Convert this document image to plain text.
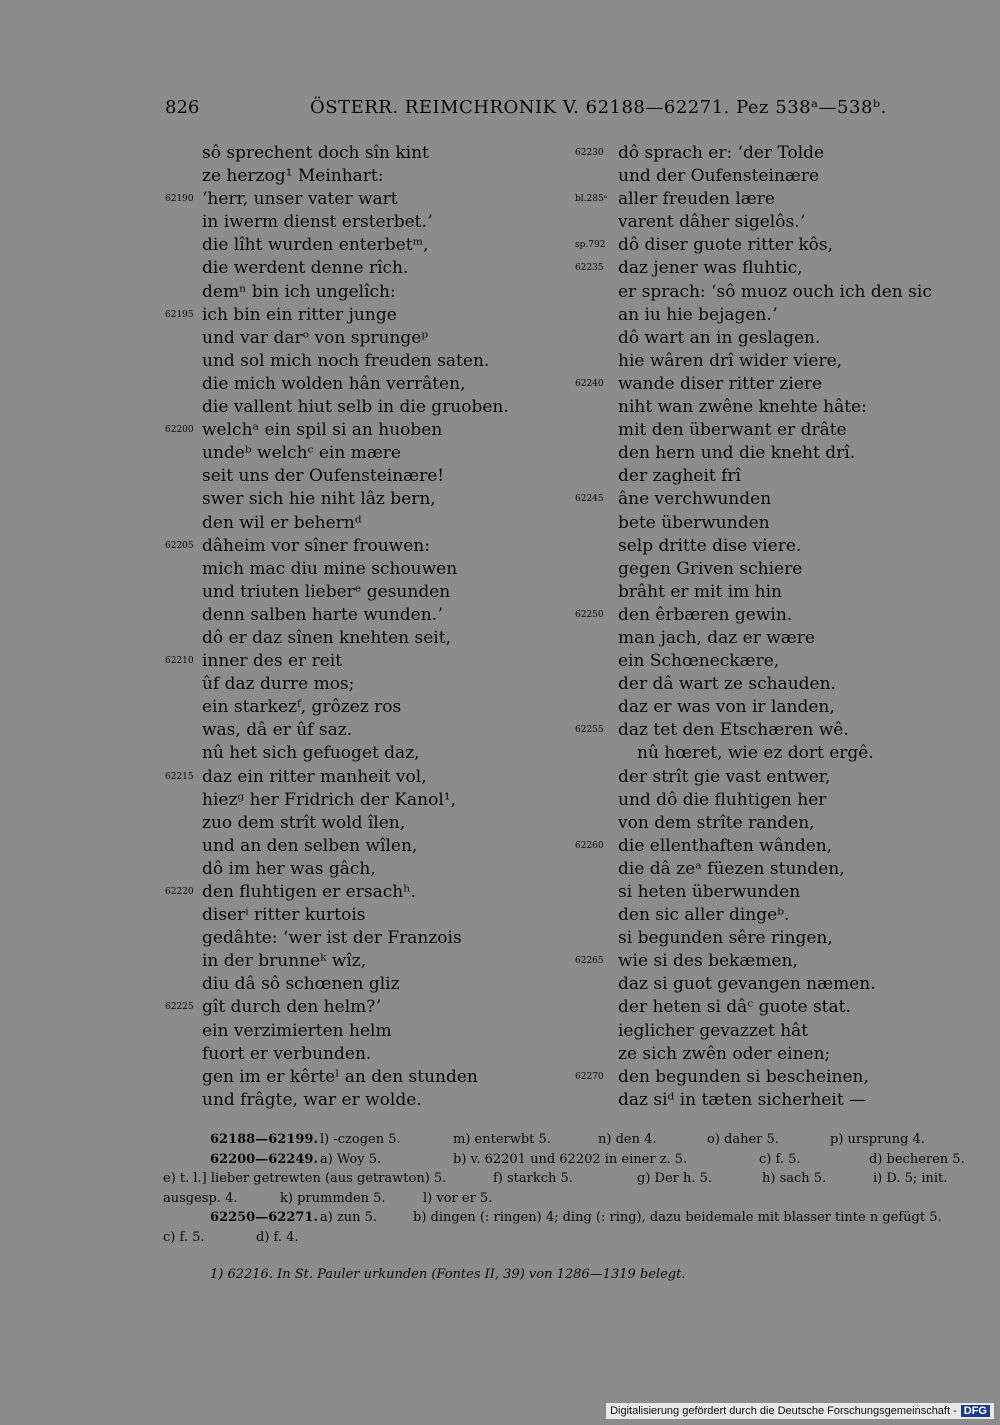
826	ÖSTERR. REIMCHRONIK V. 62188—62271. Pez 538ᵃ—538ᵇ.
sô sprechent doch sîn kint
ze herzog¹ Meinhart:
62190 ʻherr, unser vater wart
in iwerm dienst ersterbet.ʼ
die lîht wurden enterbetᵐ,
die werdent denne rîch.
demⁿ bin ich ungelîch:
62195 ich bin ein ritter junge
und var darᵒ von sprungeᵖ
und sol mich noch freuden saten.
die mich wolden hân verrâten,
die vallent hiut selb in die gruoben.
62200 welchᵃ ein spil si an huoben
undeᵇ welchᶜ ein mære
seit uns der Oufensteinære!
swer sich hie niht lâz bern,
den wil er behernᵈ
62205 dâheim vor sîner frouwen:
mich mac diu mine schouwen
und triuten lieberᵉ gesunden
denn salben harte wunden.ʼ
dô er daz sînen knehten seit,
62210 inner des er reit
ûf daz durre mos;
ein starkezᶠ, grôzez ros
was, dâ er ûf saz.
nû het sich gefuoget daz,
62215 daz ein ritter manheit vol,
hiezᵍ her Fridrich der Kanol¹,
zuo dem strît wold îlen,
und an den selben wîlen,
dô im her was gâch,
62220 den fluhtigen er ersachʰ.
diserⁱ ritter kurtois
gedâhte: ʻwer ist der Franzois
in der brunneᵏ wîz,
diu dâ sô schœnen gliz
62225 gît durch den helm?ʼ
ein verzimierten helm
fuort er verbunden.
gen im er kêrteˡ an den stunden
und frâgte, war er wolde.
62230 dô sprach er: ʻder Tolde
und der Oufensteinære
bl.285ᵃ aller freuden lære
varent dâher sigelôs.ʼ
sp.792 dô diser guote ritter kôs,
62235 daz jener was fluhtic,
er sprach: ʻsô muoz ouch ich den sic
an iu hie bejagen.ʼ
dô wart an in geslagen.
hie wâren drî wider viere,
62240 wande diser ritter ziere
niht wan zwêne knehte hâte:
mit den überwant er drâte
den hern und die kneht drî.
der zagheit frî
62245 âne verchwunden
bete überwunden
selp dritte dise viere.
gegen Griven schiere
brâht er mit im hin
62250 den êrbæren gewin.
man jach, daz er wære
ein Schœneckære,
der dâ wart ze schauden.
daz er was von ir landen,
62255 daz tet den Etschæren wê.
nû hœret, wie ez dort ergê.
der strît gie vast entwer,
und dô die fluhtigen her
von dem strîte randen,
62260 die ellenthaften wânden,
die dâ zeᵃ füezen stunden,
si heten überwunden
den sic aller dingeᵇ.
si begunden sêre ringen,
62265 wie si des bekæmen,
daz si guot gevangen næmen.
der heten si dâᶜ guote stat.
ieglicher gevazzet hât
ze sich zwên oder einen;
62270 den begunden si bescheinen,
daz siᵈ in tæten sicherheit —
62188—62199. l) -czogen 5.	m) enterwbt 5.	n) den 4.	o) daher 5.	p) ursprung 4.
62200—62249. a) Woy 5.	b) v. 62201 und 62202 in einer z. 5.	c) f. 5.	d) becheren 5.
e) t. l.] lieber getrewten (aus getrawton) 5.	f) starkch 5.	g) Der h. 5.	h) sach 5.	i) D. 5; init.
ausgesp. 4.	k) prummden 5.	l) vor er 5.
62250—62271. a) zun 5.	b) dingen (: ringen) 4; ding (: ring), dazu beidemale mit blasser tinte n gefügt 5.
c) f. 5.	d) f. 4.
1) 62216. In St. Pauler urkunden (Fontes II, 39) von 1286—1319 belegt.
Digitalisierung gefördert durch die Deutsche Forschungsgemeinschaft - DFG
